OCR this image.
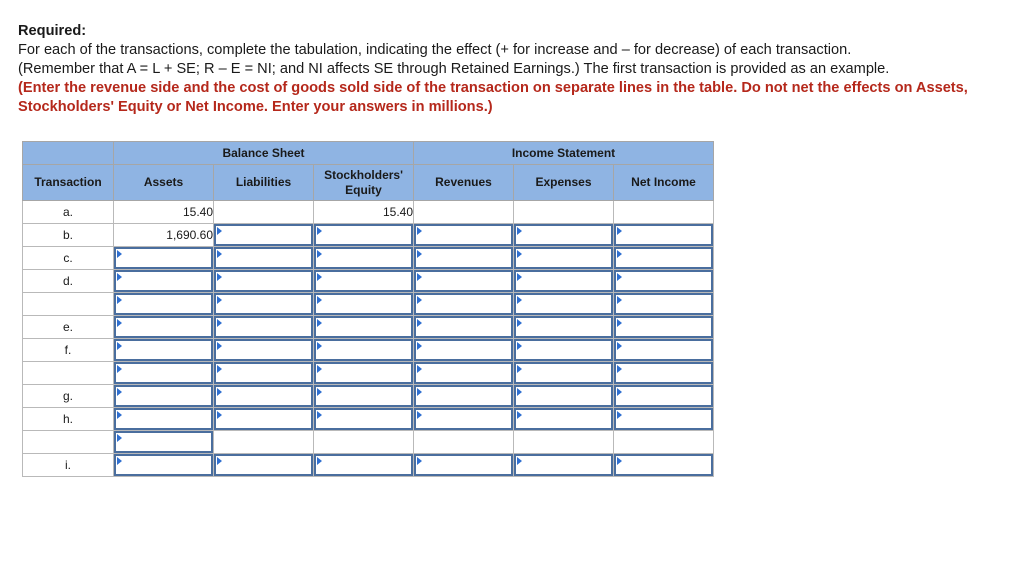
Required:
For each of the transactions, complete the tabulation, indicating the effect (+ for increase and – for decrease) of each transaction.
(Remember that A = L + SE; R – E = NI; and NI affects SE through Retained Earnings.) The first transaction is provided as an example.
(Enter the revenue side and the cost of goods sold side of the transaction on separate lines in the table. Do not net the effects on Assets, Stockholders' Equity or Net Income. Enter your answers in millions.)
	Balance Sheet			Income Statement		
Transaction	Assets	Liabilities	Stockholders' Equity	Revenues	Expenses	Net Income
a.	15.40		15.40			
b.	1,690.60	

c.	

d.	

e.	

f.	

g.	

h.	

i.	
